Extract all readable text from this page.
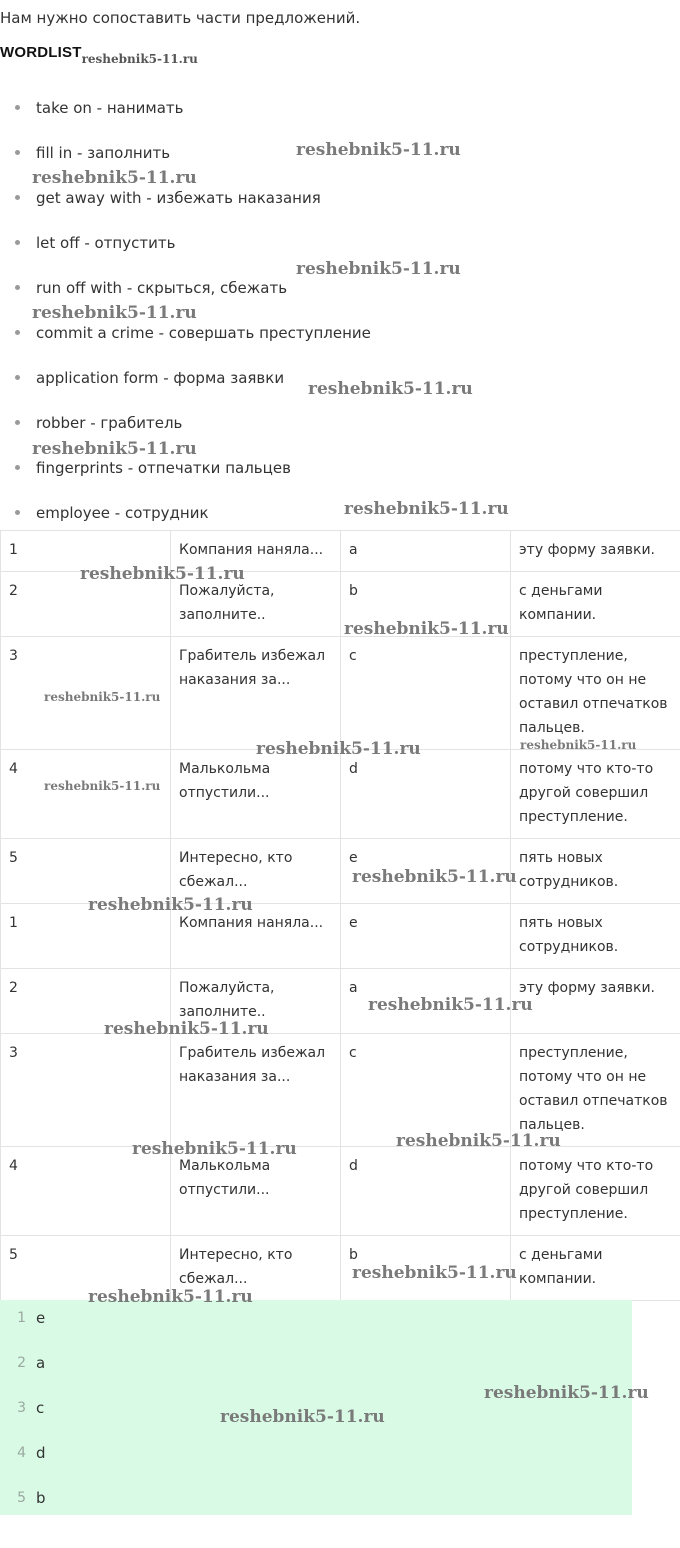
Нам нужно сопоставить части предложений.
$WORDLIST_{reshebnik5-11.ru}$
take on - нанимать
fill in - заполнить
get away with - избежать наказания
let off - отпустить
run off with - скрыться, сбежать
commit a crime - совершать преступление
application form - форма заявки
robber - грабитель
fingerprints - отпечатки пальцев
employee - сотрудник
1	Компания наняла...	a	эту форму заявки.
2	Пожалуйста, заполните..	b	с деньгами компании.
3	Грабитель избежал наказания за...	c	преступление, потому что он не оставил отпечатков пальцев.
4	Малькольма отпустили...	d	потому что кто-то другой совершил преступление.
5	Интересно, кто сбежал...	e	пять новых сотрудников.
1	Компания наняла...	e	пять новых сотрудников.
2	Пожалуйста, заполните..	a	эту форму заявки.
3	Грабитель избежал наказания за...	c	преступление, потому что он не оставил отпечатков пальцев.
4	Малькольма отпустили...	d	потому что кто-то другой совершил преступление.
5	Интересно, кто сбежал...	b	с деньгами компании.
1 e
2 a
3 c
4 d
5 b
reshebnik5-11.ru
reshebnik5-11.ru
reshebnik5-11.ru
reshebnik5-11.ru
reshebnik5-11.ru
reshebnik5-11.ru
reshebnik5-11.ru
reshebnik5-11.ru
reshebnik5-11.ru
reshebnik5-11.ru
reshebnik5-11.ru	reshebnik5-11.ru
reshebnik5-11.ru
reshebnik5-11.ru
reshebnik5-11.ru
reshebnik5-11.ru
reshebnik5-11.ru
reshebnik5-11.ru	reshebnik5-11.ru
reshebnik5-11.ru
reshebnik5-11.ru
reshebnik5-11.ru
reshebnik5-11.ru
